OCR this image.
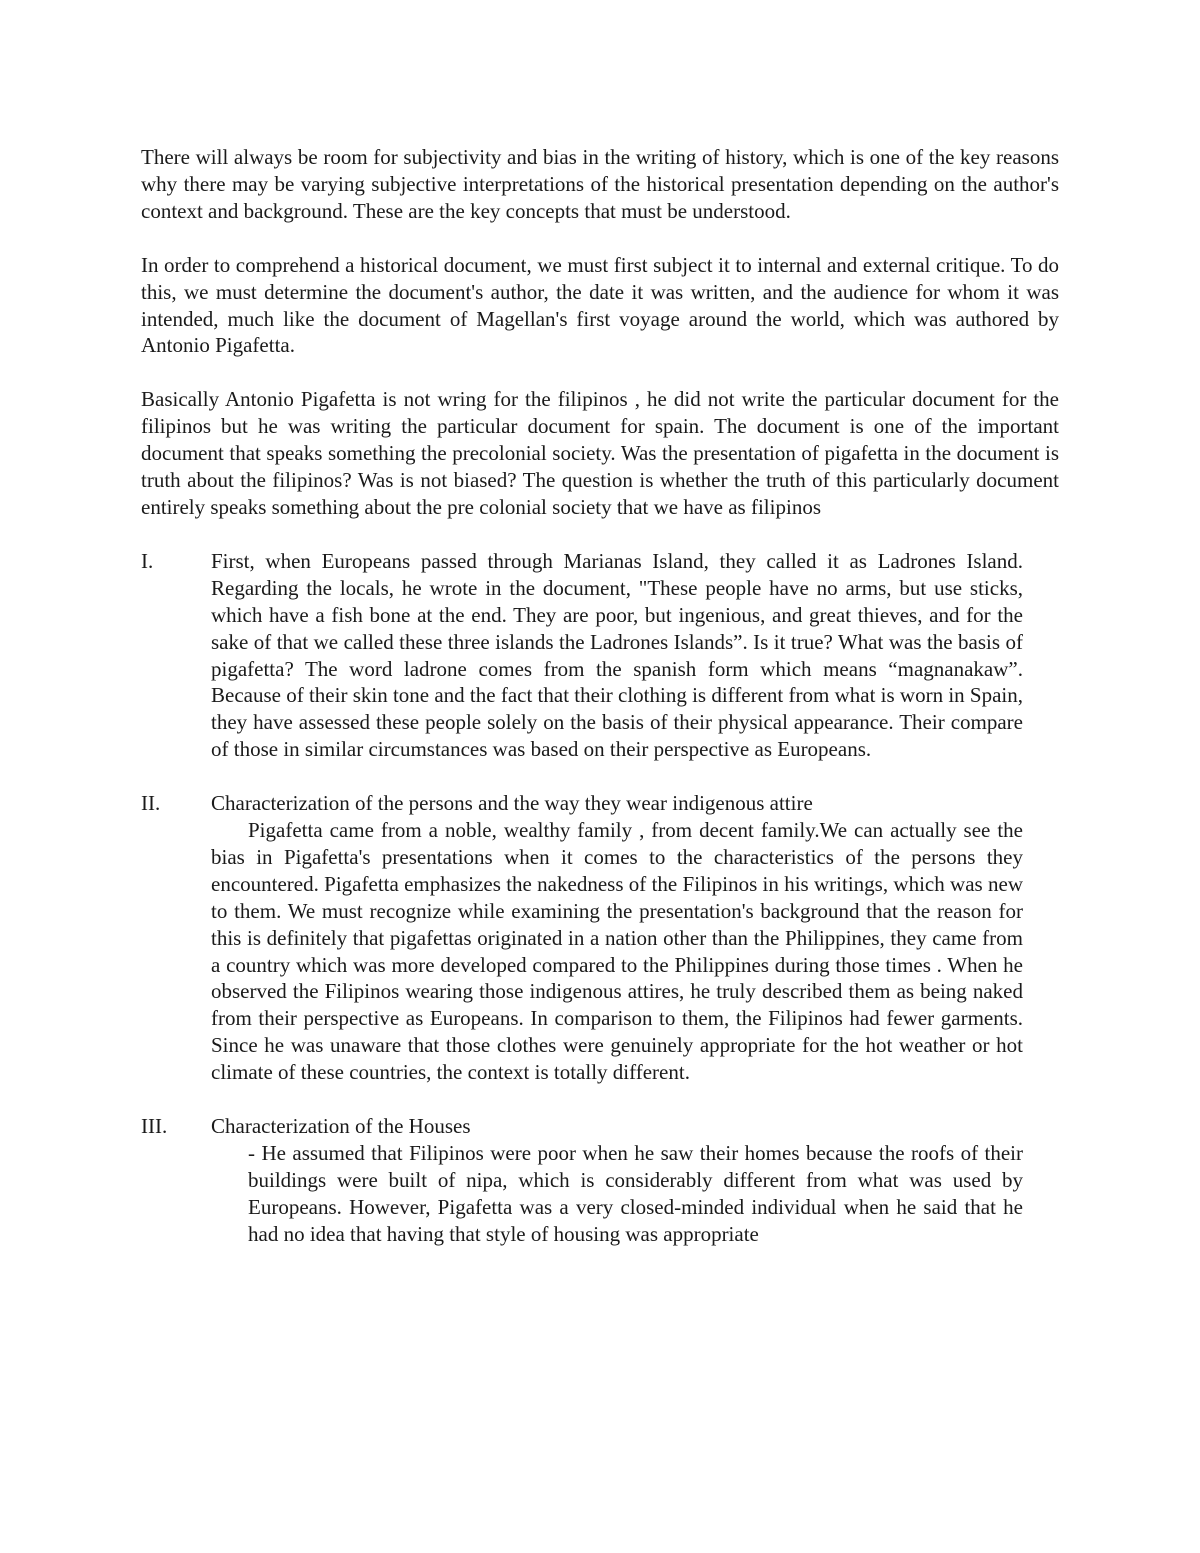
There will always be room for subjectivity and bias in the writing of history, which is one of the key reasons why there may be varying subjective interpretations of the historical presentation depending on the author's context and background. These are the key concepts that must be understood.

In order to comprehend a historical document, we must first subject it to internal and external critique. To do this, we must determine the document's author, the date it was written, and the audience for whom it was intended, much like the document of Magellan's first voyage around the world, which was authored by Antonio Pigafetta.

Basically Antonio Pigafetta is not wring for the filipinos , he did not write the particular document for the filipinos but he was writing the particular document for spain. The document is one of the important document that speaks something the precolonial society. Was the presentation of pigafetta in the document is truth about the filipinos? Was is not biased? The question is whether the truth of this particularly document entirely speaks something about the pre colonial society that we have as filipinos

I.	First, when Europeans passed through Marianas Island, they called it as Ladrones Island. Regarding the locals, he wrote in the document, "These people have no arms, but use sticks, which have a fish bone at the end. They are poor, but ingenious, and great thieves, and for the sake of that we called these three islands the Ladrones Islands”. Is it true? What was the basis of pigafetta? The word ladrone comes from the spanish form which means “magnanakaw”. Because of their skin tone and the fact that their clothing is different from what is worn in Spain, they have assessed these people solely on the basis of their physical appearance. Their compare of those in similar circumstances was based on their perspective as Europeans.
II.	Characterization of the persons and the way they wear indigenous attire
Pigafetta came from a noble, wealthy family , from decent family.We can actually see the bias in Pigafetta's presentations when it comes to the characteristics of the persons they encountered. Pigafetta emphasizes the nakedness of the Filipinos in his writings, which was new to them. We must recognize while examining the presentation's background that the reason for this is definitely that pigafettas originated in a nation other than the Philippines, they came from a country which was more developed compared to the Philippines during those times . When he observed the Filipinos wearing those indigenous attires, he truly described them as being naked from their perspective as Europeans. In comparison to them, the Filipinos had fewer garments. Since he was unaware that those clothes were genuinely appropriate for the hot weather or hot climate of these countries, the context is totally different.
III.	Characterization of the Houses
- He assumed that Filipinos were poor when he saw their homes because the roofs of their buildings were built of nipa, which is considerably different from what was used by Europeans. However, Pigafetta was a very closed-minded individual when he said that he had no idea that having that style of housing was appropriate
